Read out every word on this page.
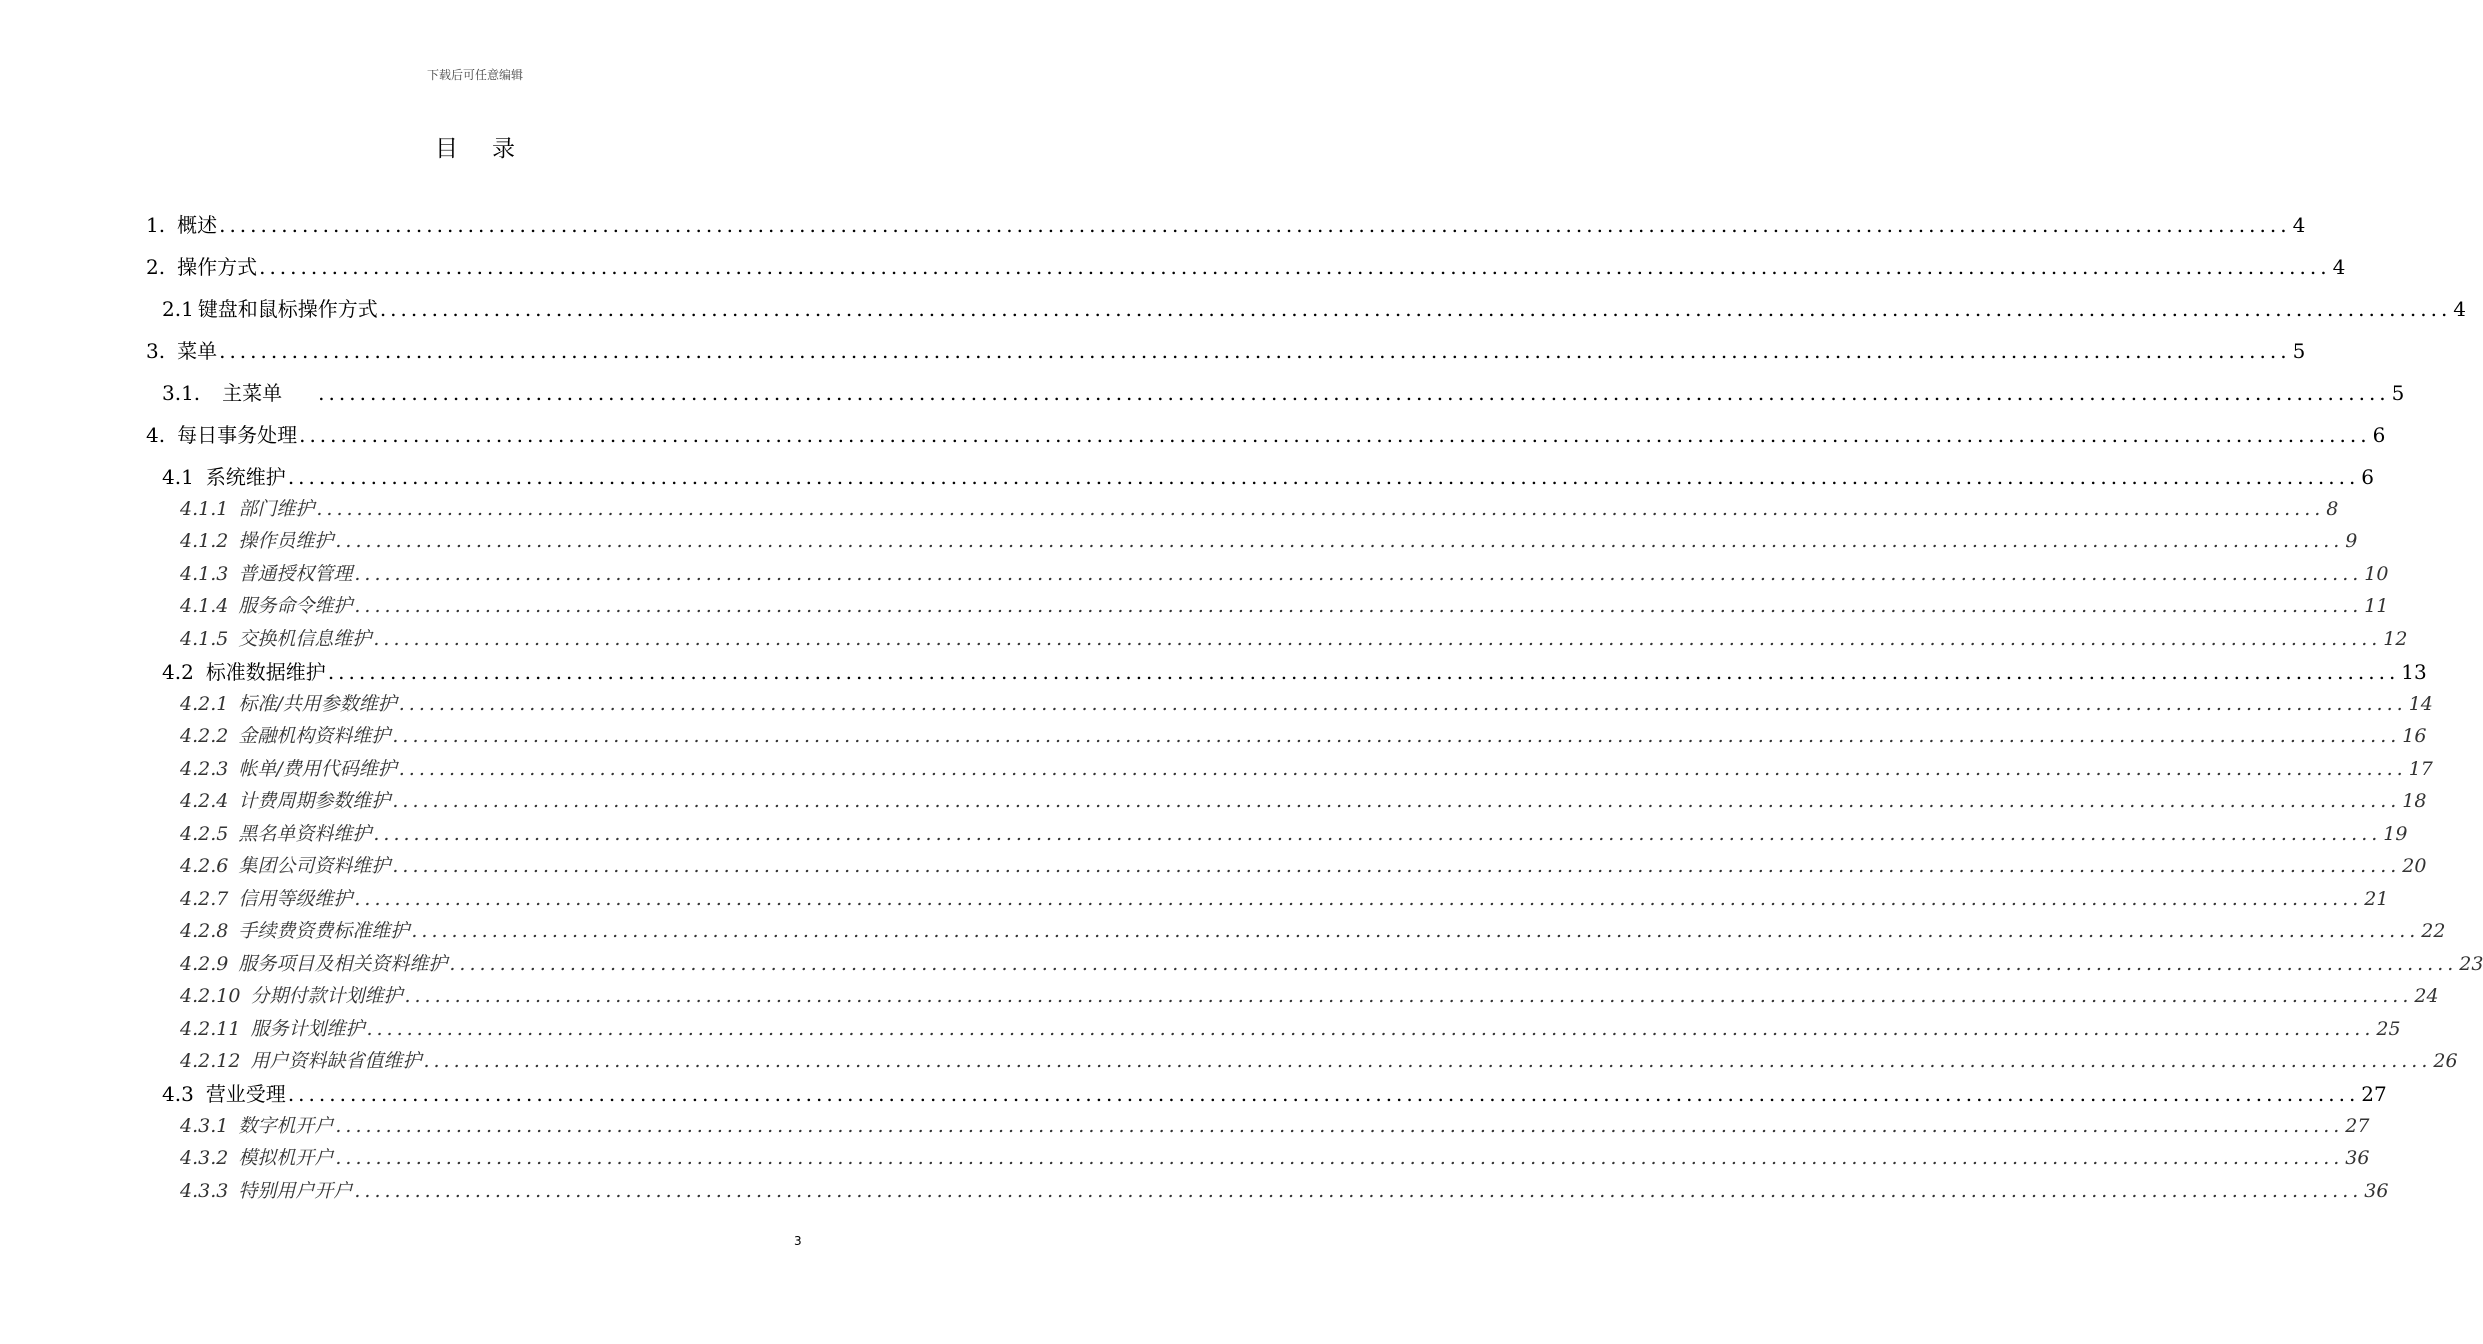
下载后可任意编辑
目录
1. 概述 ........................................................................................................................................................................................................ 4
2. 操作方式 ........................................................................................................................................................................................................ 4
2.1 键盘和鼠标操作方式 ........................................................................................................................................................................................................ 4
3. 菜单 ........................................................................................................................................................................................................ 5
3.1. 主菜单 ........................................................................................................................................................................................................ 5
4. 每日事务处理 ........................................................................................................................................................................................................ 6
4.1 系统维护 ........................................................................................................................................................................................................ 6
4.1.1 部门维护 ........................................................................................................................................................................................................ 8
4.1.2 操作员维护 ........................................................................................................................................................................................................ 9
4.1.3 普通授权管理 ........................................................................................................................................................................................................ 10
4.1.4 服务命令维护 ........................................................................................................................................................................................................ 11
4.1.5 交换机信息维护 ........................................................................................................................................................................................................ 12
4.2 标准数据维护 ........................................................................................................................................................................................................ 13
4.2.1 标准/共用参数维护 ........................................................................................................................................................................................................ 14
4.2.2 金融机构资料维护 ........................................................................................................................................................................................................ 16
4.2.3 帐单/费用代码维护 ........................................................................................................................................................................................................ 17
4.2.4 计费周期参数维护 ........................................................................................................................................................................................................ 18
4.2.5 黑名单资料维护 ........................................................................................................................................................................................................ 19
4.2.6 集团公司资料维护 ........................................................................................................................................................................................................ 20
4.2.7 信用等级维护 ........................................................................................................................................................................................................ 21
4.2.8 手续费资费标准维护 ........................................................................................................................................................................................................ 22
4.2.9 服务项目及相关资料维护 ........................................................................................................................................................................................................ 23
4.2.10 分期付款计划维护 ........................................................................................................................................................................................................ 24
4.2.11 服务计划维护 ........................................................................................................................................................................................................ 25
4.2.12 用户资料缺省值维护 ........................................................................................................................................................................................................ 26
4.3 营业受理 ........................................................................................................................................................................................................ 27
4.3.1 数字机开户 ........................................................................................................................................................................................................ 27
4.3.2 模拟机开户 ........................................................................................................................................................................................................ 36
4.3.3 特别用户开户 ........................................................................................................................................................................................................ 36
3
